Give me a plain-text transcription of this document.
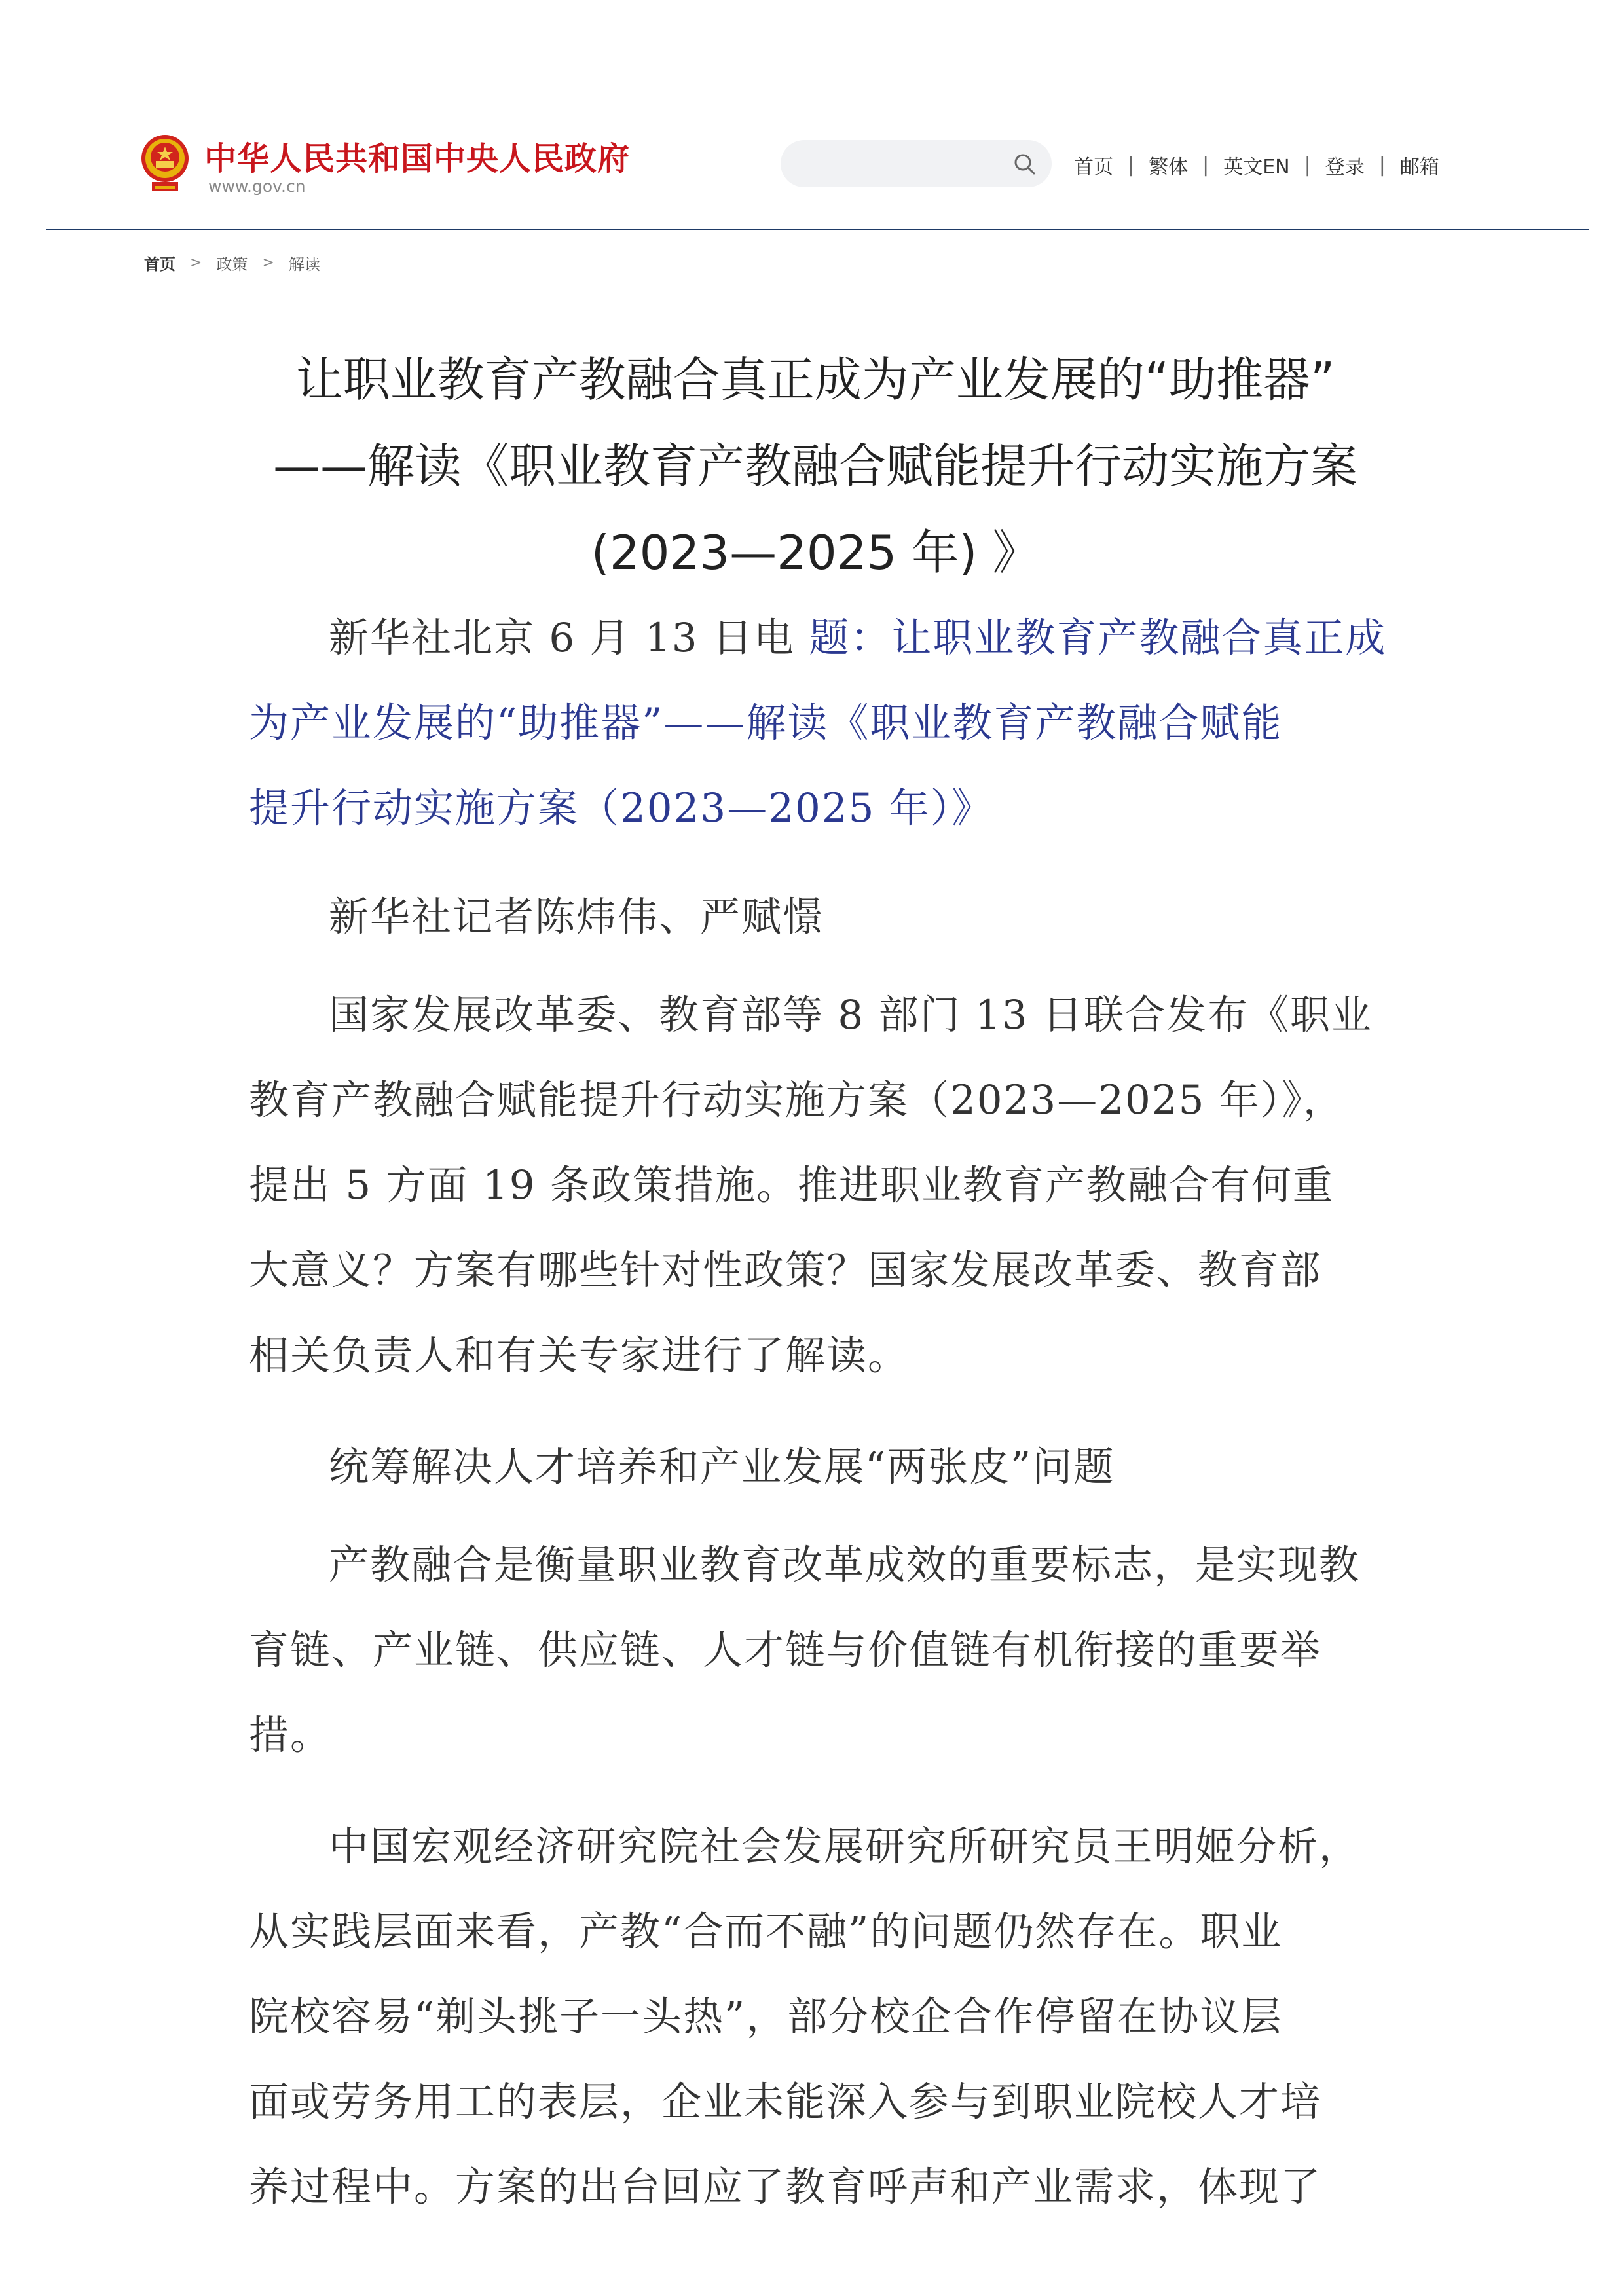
中华人民共和国中央人民政府
www.gov.cn
首页 | 繁体 | 英文EN | 登录 | 邮箱
首页 > 政策 > 解读
让职业教育产教融合真正成为产业发展的“助推器”
——解读《职业教育产教融合赋能提升行动实施方案
(2023—2025 年) 》

新华社北京 6 月 13 日电 题：让职业教育产教融合真正成
为产业发展的“助推器”——解读《职业教育产教融合赋能
提升行动实施方案（2023—2025 年）》

新华社记者陈炜伟、严赋憬

国家发展改革委、教育部等 8 部门 13 日联合发布《职业
教育产教融合赋能提升行动实施方案（2023—2025 年）》，
提出 5 方面 19 条政策措施。推进职业教育产教融合有何重
大意义？方案有哪些针对性政策？国家发展改革委、教育部
相关负责人和有关专家进行了解读。

统筹解决人才培养和产业发展“两张皮”问题

产教融合是衡量职业教育改革成效的重要标志，是实现教
育链、产业链、供应链、人才链与价值链有机衔接的重要举
措。

中国宏观经济研究院社会发展研究所研究员王明姬分析，
从实践层面来看，产教“合而不融”的问题仍然存在。职业
院校容易“剃头挑子一头热”，部分校企合作停留在协议层
面或劳务用工的表层，企业未能深入参与到职业院校人才培
养过程中。方案的出台回应了教育呼声和产业需求，体现了
